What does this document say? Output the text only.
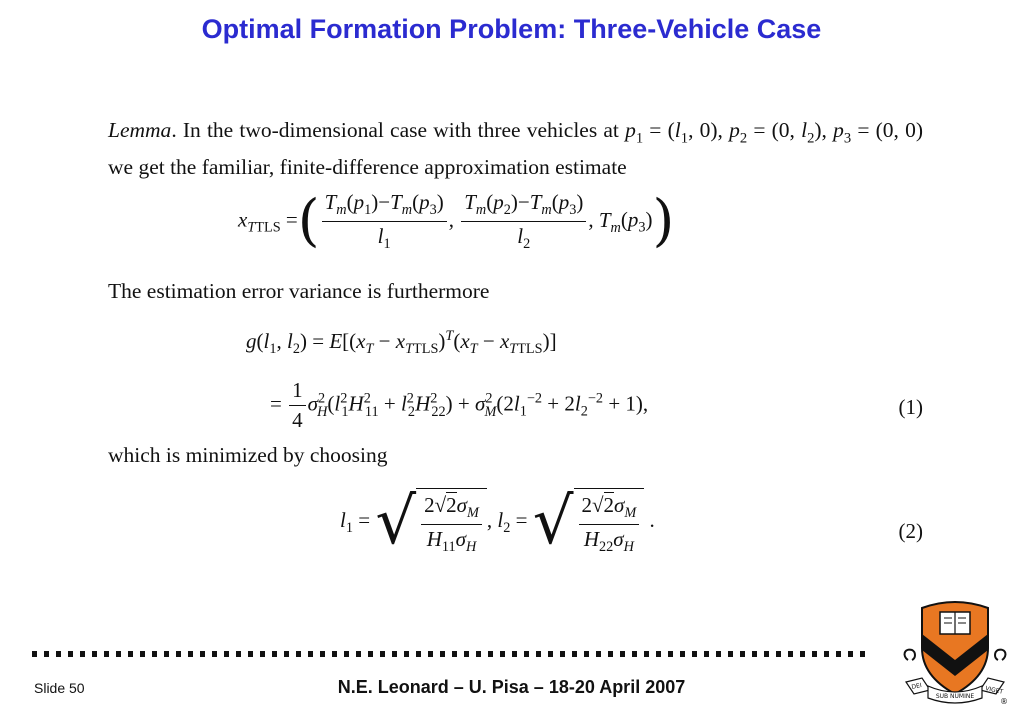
Optimal Formation Problem: Three-Vehicle Case
Lemma. In the two-dimensional case with three vehicles at $p_1 = (l_1$, 0), $p_2 = (0$, $l_2$), $p_3 = (0$, 0) we get the familiar, finite-difference approximation estimate
$x_{TTLS}$ =( $\frac{T_m(p_1)-T_m(p_3)}{l_1}$ , $\frac{T_m(p_2)-T_m(p_3)}{l_2}$ , $T_m(p_3)$)
The estimation error variance is furthermore
$g(l_1$, $l_2) = E[(x_T - x_{TTLS})^T(x_T - x_{TTLS})]$
= $\frac{1}{4} \sigma^2_H(l^2_1H^2_{11} + l^2_2H^2_{22}) + \sigma^2_M(2l_1^{-2} + 2l_2^{-2} + 1)$,	(1)
which is minimized by choosing
$l_1$ = √ $\frac{2√2\sigma_M}{H_{11}\sigma_H}$ , $l_2$ = √ $\frac{2√2\sigma_M}{H_{22}\sigma_H}$ .	(2)
Slide 50	N.E. Leonard – U. Pisa – 18-20 April 2007	DEI
SUB NUMINE
VIGET
®
